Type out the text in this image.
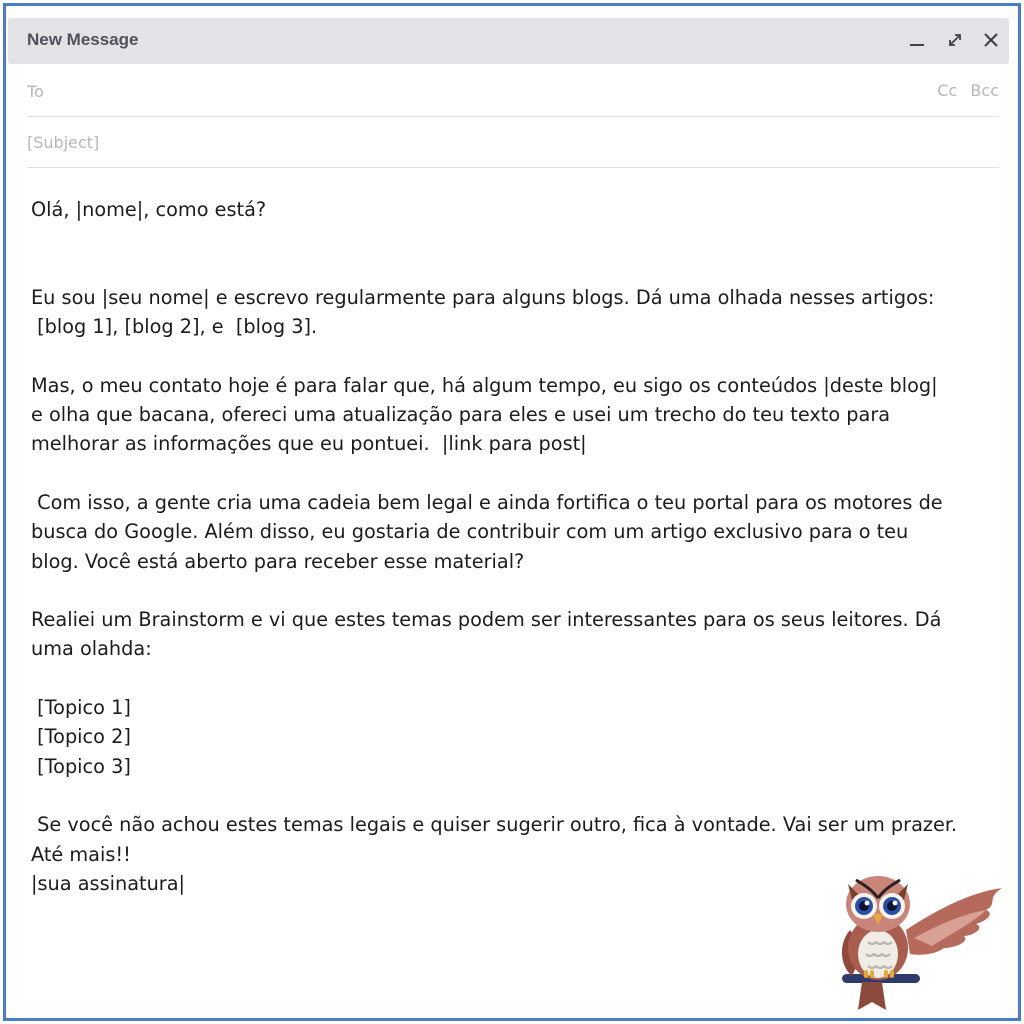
New Message
To
Cc Bcc
[Subject]
Olá, |nome|, como está?
Eu sou |seu nome| e escrevo regularmente para alguns blogs. Dá uma olhada nesses artigos:
[blog 1], [blog 2], e  [blog 3].
Mas, o meu contato hoje é para falar que, há algum tempo, eu sigo os conteúdos |deste blog|
e olha que bacana, ofereci uma atualização para eles e usei um trecho do teu texto para
melhorar as informações que eu pontuei.  |link para post|
Com isso, a gente cria uma cadeia bem legal e ainda fortifica o teu portal para os motores de
busca do Google. Além disso, eu gostaria de contribuir com um artigo exclusivo para o teu
blog. Você está aberto para receber esse material?
Realiei um Brainstorm e vi que estes temas podem ser interessantes para os seus leitores. Dá
uma olahda:
[Topico 1]
[Topico 2]
[Topico 3]
Se você não achou estes temas legais e quiser sugerir outro, fica à vontade. Vai ser um prazer.
Até mais!!
|sua assinatura|
